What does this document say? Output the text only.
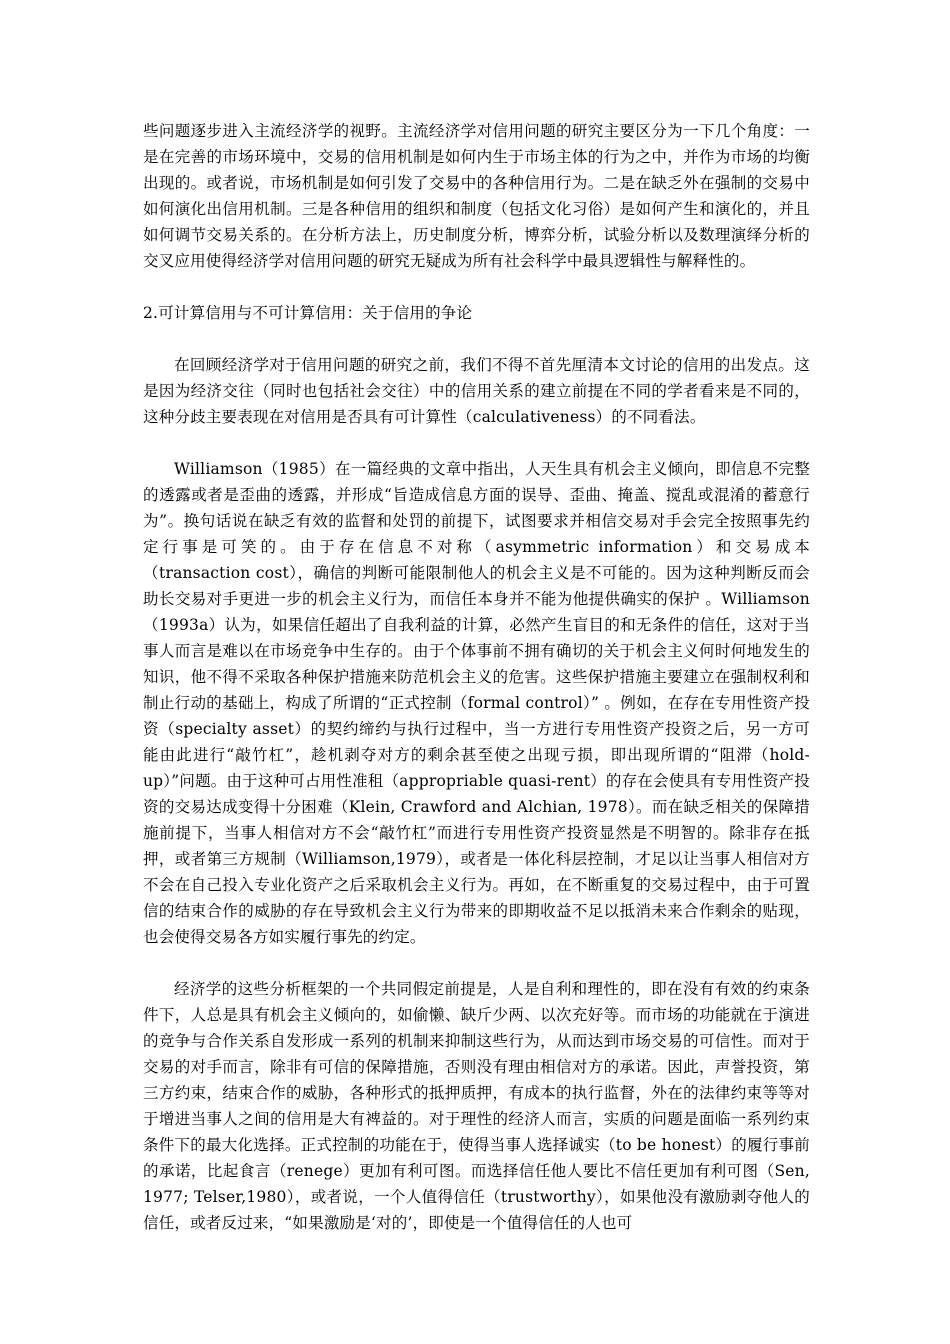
些问题逐步进入主流经济学的视野。主流经济学对信用问题的研究主要区分为一下几个角度：一是在完善的市场环境中，交易的信用机制是如何内生于市场主体的行为之中，并作为市场的均衡出现的。或者说，市场机制是如何引发了交易中的各种信用行为。二是在缺乏外在强制的交易中如何演化出信用机制。三是各种信用的组织和制度（包括文化习俗）是如何产生和演化的，并且如何调节交易关系的。在分析方法上，历史制度分析，博弈分析，试验分析以及数理演绎分析的交叉应用使得经济学对信用问题的研究无疑成为所有社会科学中最具逻辑性与解释性的。

2.可计算信用与不可计算信用：关于信用的争论

在回顾经济学对于信用问题的研究之前，我们不得不首先厘清本文讨论的信用的出发点。这是因为经济交往（同时也包括社会交往）中的信用关系的建立前提在不同的学者看来是不同的，这种分歧主要表现在对信用是否具有可计算性（calculativeness）的不同看法。

Williamson（1985）在一篇经典的文章中指出，人天生具有机会主义倾向，即信息不完整的透露或者是歪曲的透露，并形成“旨造成信息方面的误导、歪曲、掩盖、搅乱或混淆的蓄意行为”。换句话说在缺乏有效的监督和处罚的前提下，试图要求并相信交易对手会完全按照事先约定行事是可笑的。由于存在信息不对称（asymmetric information）和交易成本（transaction cost），确信的判断可能限制他人的机会主义是不可能的。因为这种判断反而会助长交易对手更进一步的机会主义行为，而信任本身并不能为他提供确实的保护 。Williamson（1993a）认为，如果信任超出了自我利益的计算，必然产生盲目的和无条件的信任，这对于当事人而言是难以在市场竞争中生存的。由于个体事前不拥有确切的关于机会主义何时何地发生的知识，他不得不采取各种保护措施来防范机会主义的危害。这些保护措施主要建立在强制权利和制止行动的基础上，构成了所谓的“正式控制（formal control）” 。例如，在存在专用性资产投资（specialty asset）的契约缔约与执行过程中，当一方进行专用性资产投资之后，另一方可能由此进行“敲竹杠”，趁机剥夺对方的剩余甚至使之出现亏损，即出现所谓的“阻滞（hold-up）”问题。由于这种可占用性准租（appropriable quasi-rent）的存在会使具有专用性资产投资的交易达成变得十分困难（Klein, Crawford and Alchian, 1978）。而在缺乏相关的保障措施前提下，当事人相信对方不会“敲竹杠”而进行专用性资产投资显然是不明智的。除非存在抵押，或者第三方规制（Williamson,1979），或者是一体化科层控制，才足以让当事人相信对方不会在自己投入专业化资产之后采取机会主义行为。再如，在不断重复的交易过程中，由于可置信的结束合作的威胁的存在导致机会主义行为带来的即期收益不足以抵消未来合作剩余的贴现，也会使得交易各方如实履行事先的约定。

经济学的这些分析框架的一个共同假定前提是，人是自利和理性的，即在没有有效的约束条件下，人总是具有机会主义倾向的，如偷懒、缺斤少两、以次充好等。而市场的功能就在于演进的竞争与合作关系自发形成一系列的机制来抑制这些行为，从而达到市场交易的可信性。而对于交易的对手而言，除非有可信的保障措施，否则没有理由相信对方的承诺。因此，声誉投资，第三方约束，结束合作的威胁，各种形式的抵押质押，有成本的执行监督，外在的法律约束等等对于增进当事人之间的信用是大有裨益的。对于理性的经济人而言，实质的问题是面临一系列约束条件下的最大化选择。正式控制的功能在于，使得当事人选择诚实（to be honest）的履行事前的承诺，比起食言（renege）更加有利可图。而选择信任他人要比不信任更加有利可图（Sen, 1977; Telser,1980），或者说，一个人值得信任（trustworthy），如果他没有激励剥夺他人的信任，或者反过来，“如果激励是‘对的’，即使是一个值得信任的人也可
